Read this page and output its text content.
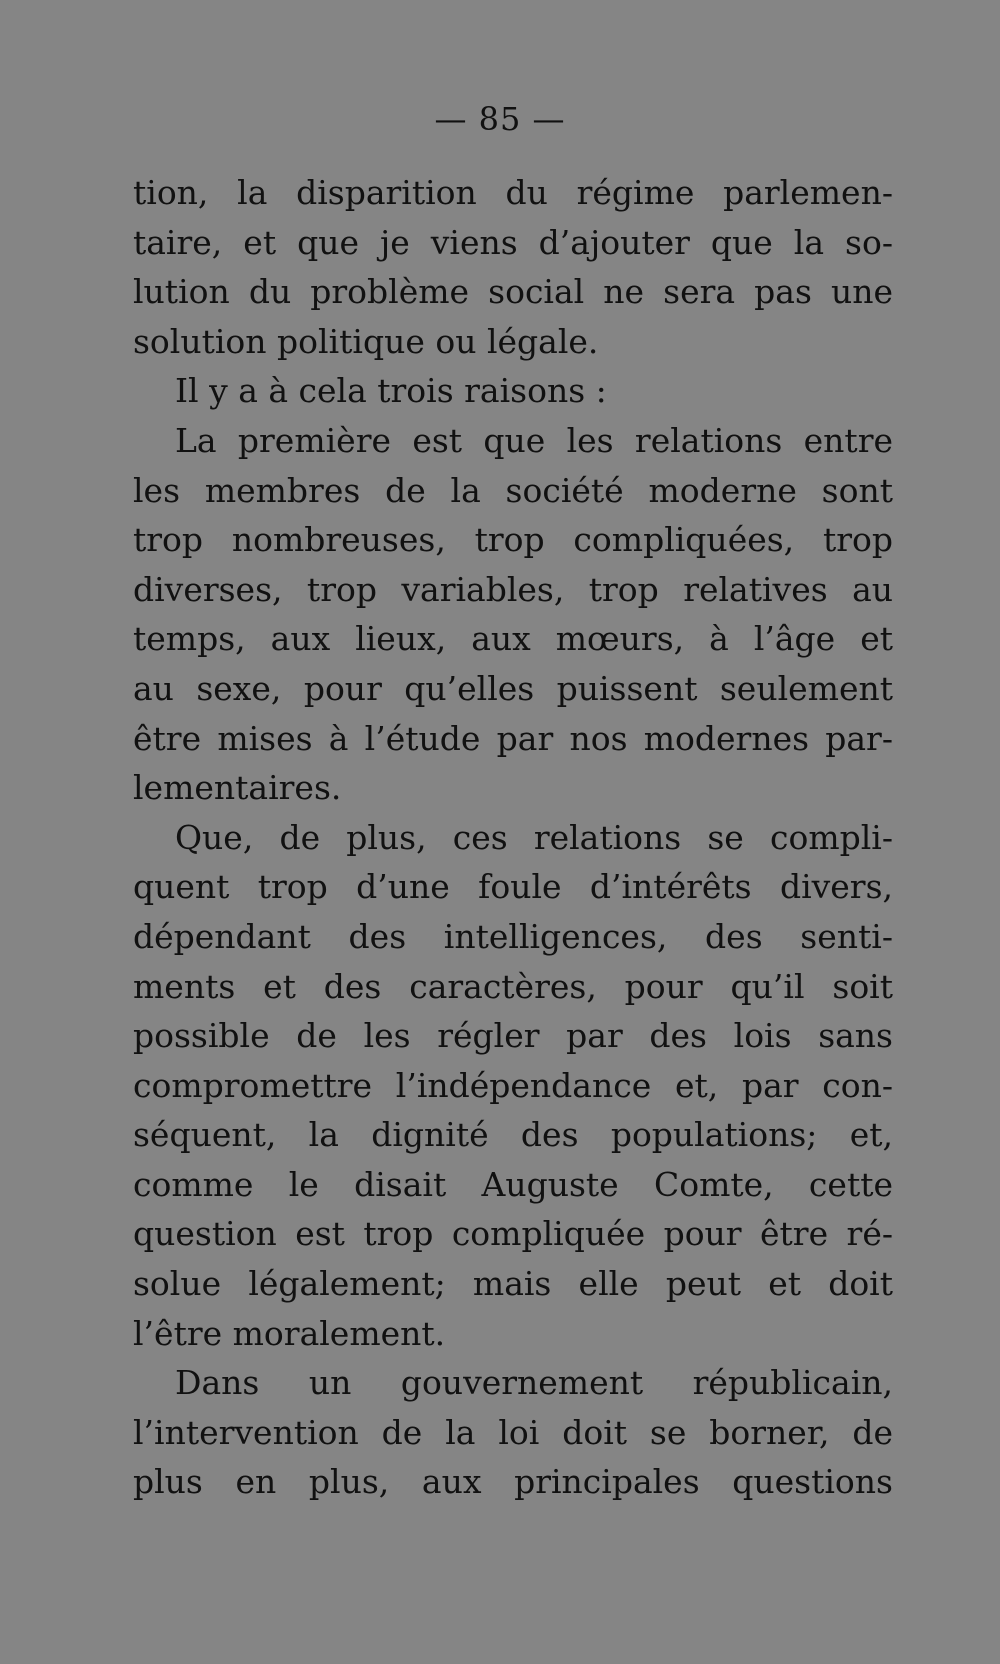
— 85 —
tion, la disparition du régime parlemen-
taire, et que je viens d’ajouter que la so-
lution du problème social ne sera pas une
solution politique ou légale.
Il y a à cela trois raisons :
La première est que les relations entre
les membres de la société moderne sont
trop nombreuses, trop compliquées, trop
diverses, trop variables, trop relatives au
temps, aux lieux, aux mœurs, à l’âge et
au sexe, pour qu’elles puissent seulement
être mises à l’étude par nos modernes par-
lementaires.
Que, de plus, ces relations se compli-
quent trop d’une foule d’intérêts divers,
dépendant des intelligences, des senti-
ments et des caractères, pour qu’il soit
possible de les régler par des lois sans
compromettre l’indépendance et, par con-
séquent, la dignité des populations; et,
comme le disait Auguste Comte, cette
question est trop compliquée pour être ré-
solue légalement; mais elle peut et doit
l’être moralement.
Dans un gouvernement républicain,
l’intervention de la loi doit se borner, de
plus en plus, aux principales questions
